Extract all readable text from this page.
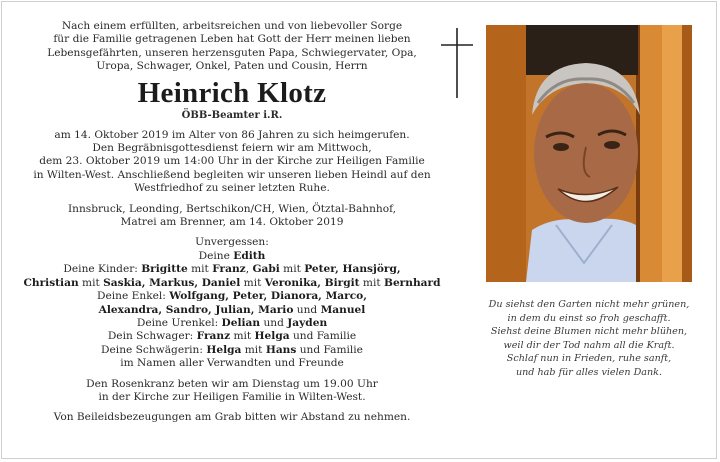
Nach einem erfüllten, arbeitsreichen und von liebevoller Sorge

für die Familie getragenen Leben hat Gott der Herr meinen lieben

Lebensgefährten, unseren herzensguten Papa, Schwiegervater, Opa,

Uropa, Schwager, Onkel, Paten und Cousin, Herrn

Heinrich Klotz

ÖBB-Beamter i.R.

am 14. Oktober 2019 im Alter von 86 Jahren zu sich heimgerufen.

Den Begräbnisgottesdienst feiern wir am Mittwoch,

dem 23. Oktober 2019 um 14:00 Uhr in der Kirche zur Heiligen Familie

in Wilten-West. Anschließend begleiten wir unseren lieben Heindl auf den

Westfriedhof zu seiner letzten Ruhe.

Innsbruck, Leonding, Bertschikon/CH, Wien, Ötztal-Bahnhof,

Matrei am Brenner, am 14. Oktober 2019

Unvergessen:

Deine Edith

Deine Kinder: Brigitte mit Franz, Gabi mit Peter, Hansjörg,

Christian mit Saskia, Markus, Daniel mit Veronika, Birgit mit Bernhard

Deine Enkel: Wolfgang, Peter, Dianora, Marco,

Alexandra, Sandro, Julian, Mario und Manuel

Deine Urenkel: Delian und Jayden

Dein Schwager: Franz mit Helga und Familie

Deine Schwägerin: Helga mit Hans und Familie

im Namen aller Verwandten und Freunde

Den Rosenkranz beten wir am Dienstag um 19.00 Uhr

in der Kirche zur Heiligen Familie in Wilten-West.

Von Beileidsbezeugungen am Grab bitten wir Abstand zu nehmen.

Du siehst den Garten nicht mehr grünen,

in dem du einst so froh geschafft.

Siehst deine Blumen nicht mehr blühen,

weil dir der Tod nahm all die Kraft.

Schlaf nun in Frieden, ruhe sanft,

und hab für alles vielen Dank.
